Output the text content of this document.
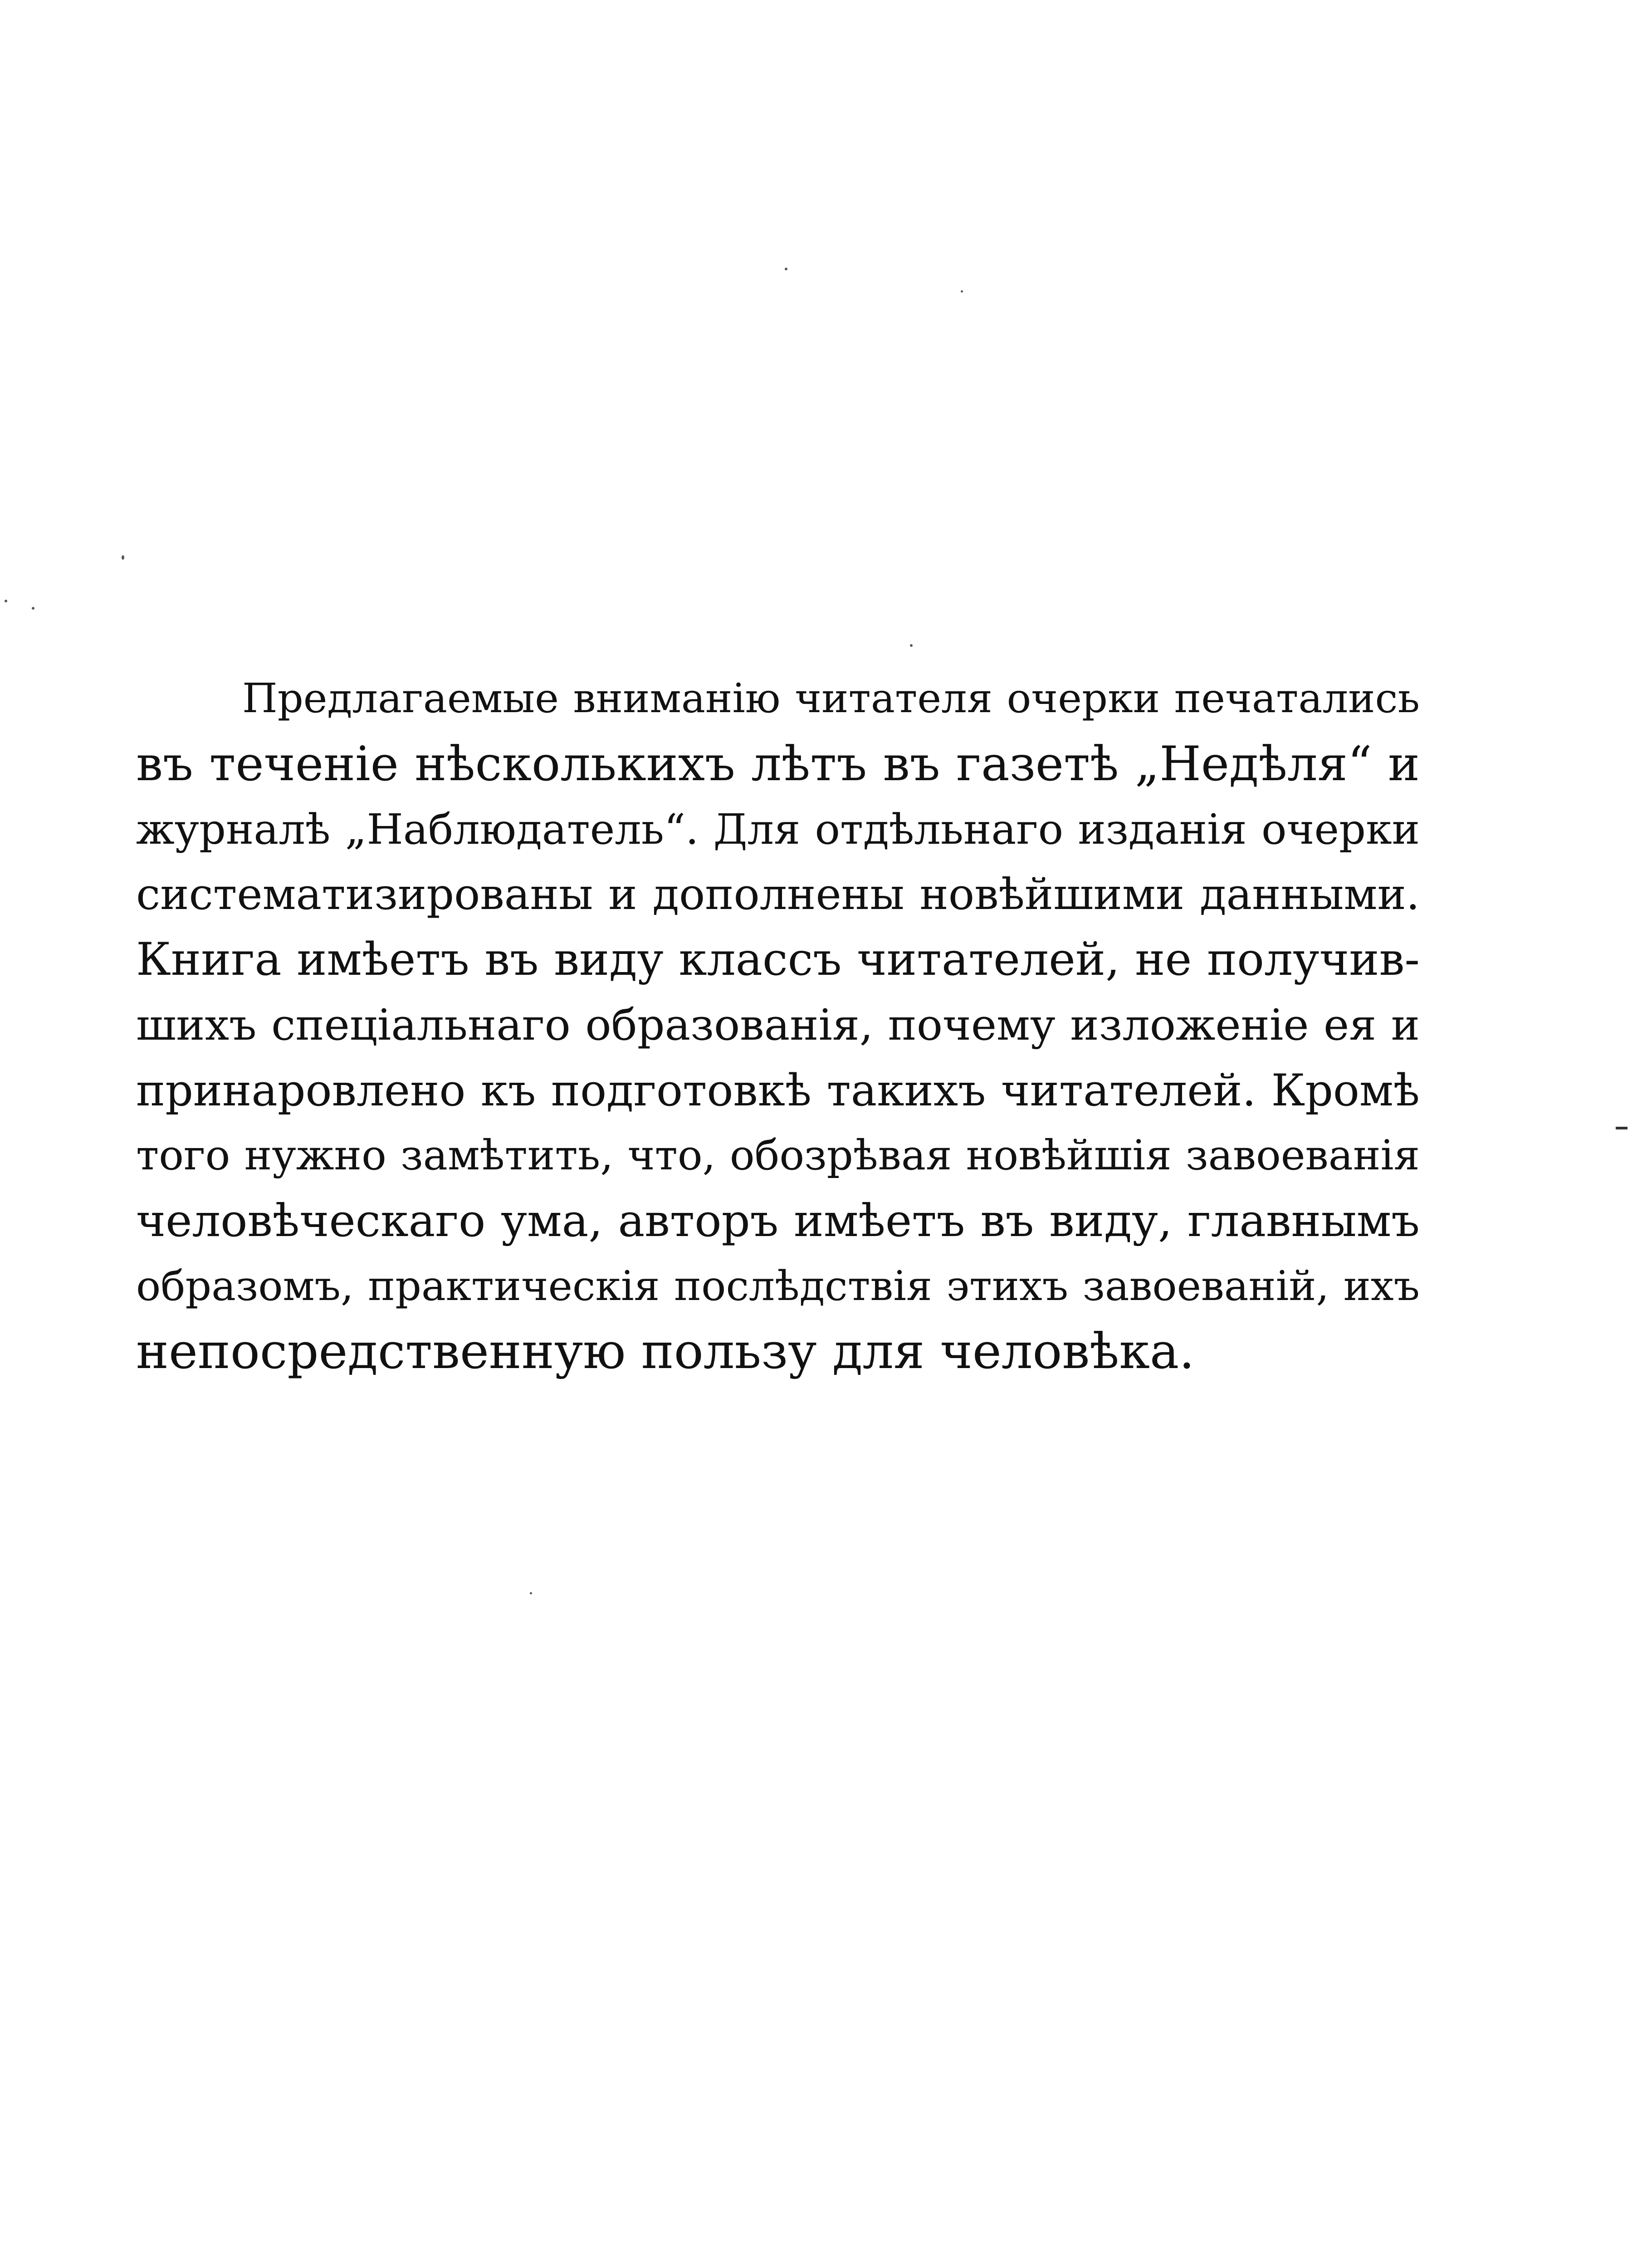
Предлагаемые вниманію читателя очерки печатались
въ теченіе нѣсколькихъ лѣтъ въ газетѣ „Недѣля“ и
журналѣ „Наблюдатель“. Для отдѣльнаго изданія очерки
систематизированы и дополнены новѣйшими данными.
Книга имѣетъ въ виду классъ читателей, не получив-
шихъ спеціальнаго образованія, почему изложеніе ея и
принаровлено къ подготовкѣ такихъ читателей. Кромѣ
того нужно замѣтить, что, обозрѣвая новѣйшія завоеванія
человѣческаго ума, авторъ имѣетъ въ виду, главнымъ
образомъ, практическія послѣдствія этихъ завоеваній, ихъ
непосредственную пользу для человѣка.
